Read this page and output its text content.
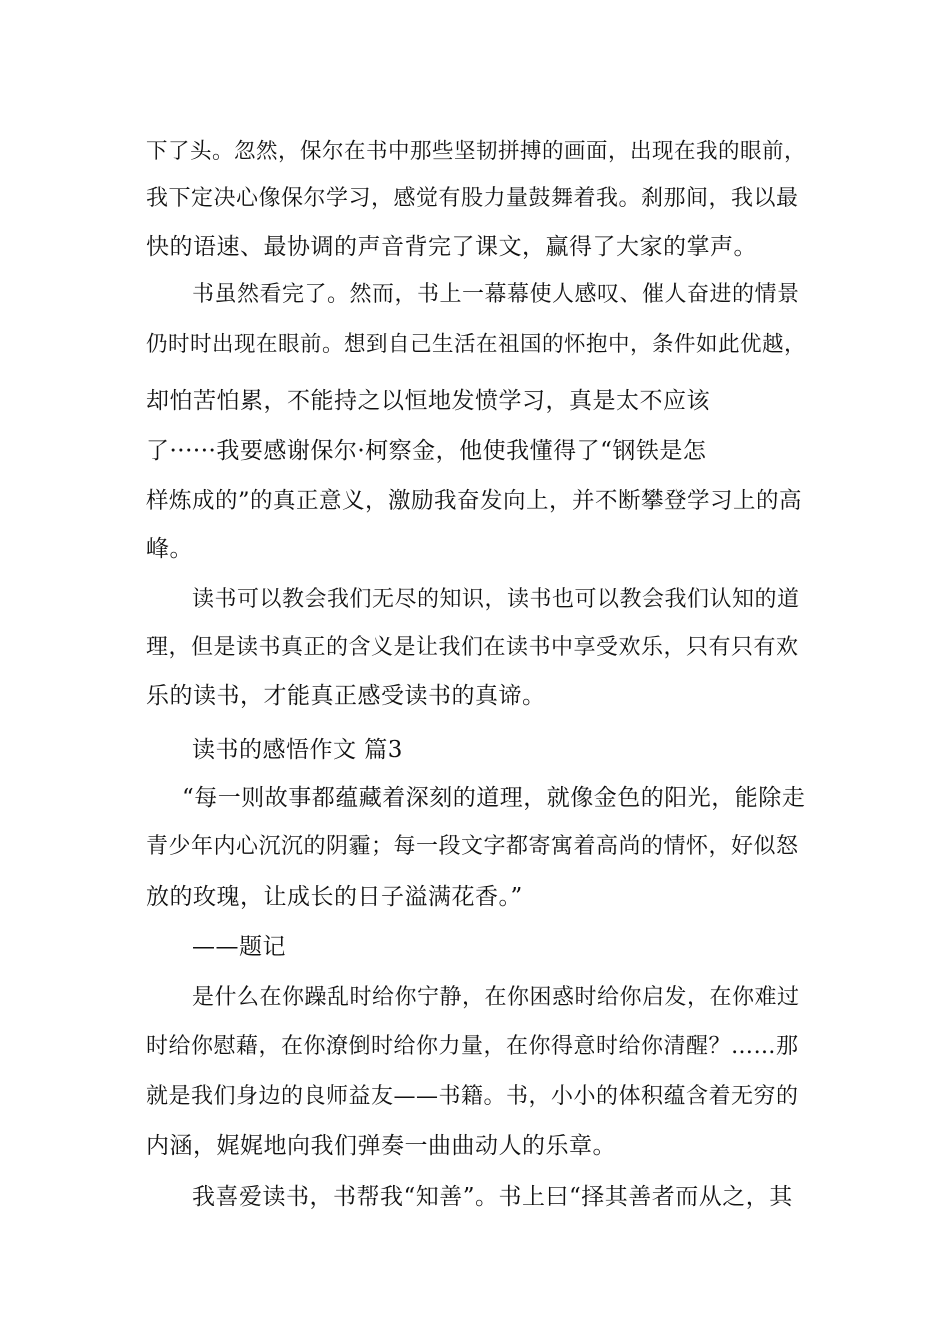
下了头。忽然，保尔在书中那些坚韧拼搏的画面，出现在我的眼前，
我下定决心像保尔学习，感觉有股力量鼓舞着我。刹那间，我以最
快的语速、最协调的声音背完了课文，赢得了大家的掌声。
书虽然看完了。然而，书上一幕幕使人感叹、催人奋进的情景
仍时时出现在眼前。想到自己生活在祖国的怀抱中，条件如此优越，
却怕苦怕累，不能持之以恒地发愤学习，真是太不应该
了······我要感谢保尔·柯察金，他使我懂得了“钢铁是怎
样炼成的”的真正意义，激励我奋发向上，并不断攀登学习上的高
峰。
读书可以教会我们无尽的知识，读书也可以教会我们认知的道
理，但是读书真正的含义是让我们在读书中享受欢乐，只有只有欢
乐的读书，才能真正感受读书的真谛。
读书的感悟作文 篇3
“每一则故事都蕴藏着深刻的道理，就像金色的阳光，能除走
青少年内心沉沉的阴霾；每一段文字都寄寓着高尚的情怀，好似怒
放的玫瑰，让成长的日子溢满花香。”
——题记
是什么在你躁乱时给你宁静，在你困惑时给你启发，在你难过
时给你慰藉，在你潦倒时给你力量，在你得意时给你清醒？……那
就是我们身边的良师益友——书籍。书，小小的体积蕴含着无穷的
内涵，娓娓地向我们弹奏一曲曲动人的乐章。
我喜爱读书，书帮我“知善”。书上曰“择其善者而从之，其
